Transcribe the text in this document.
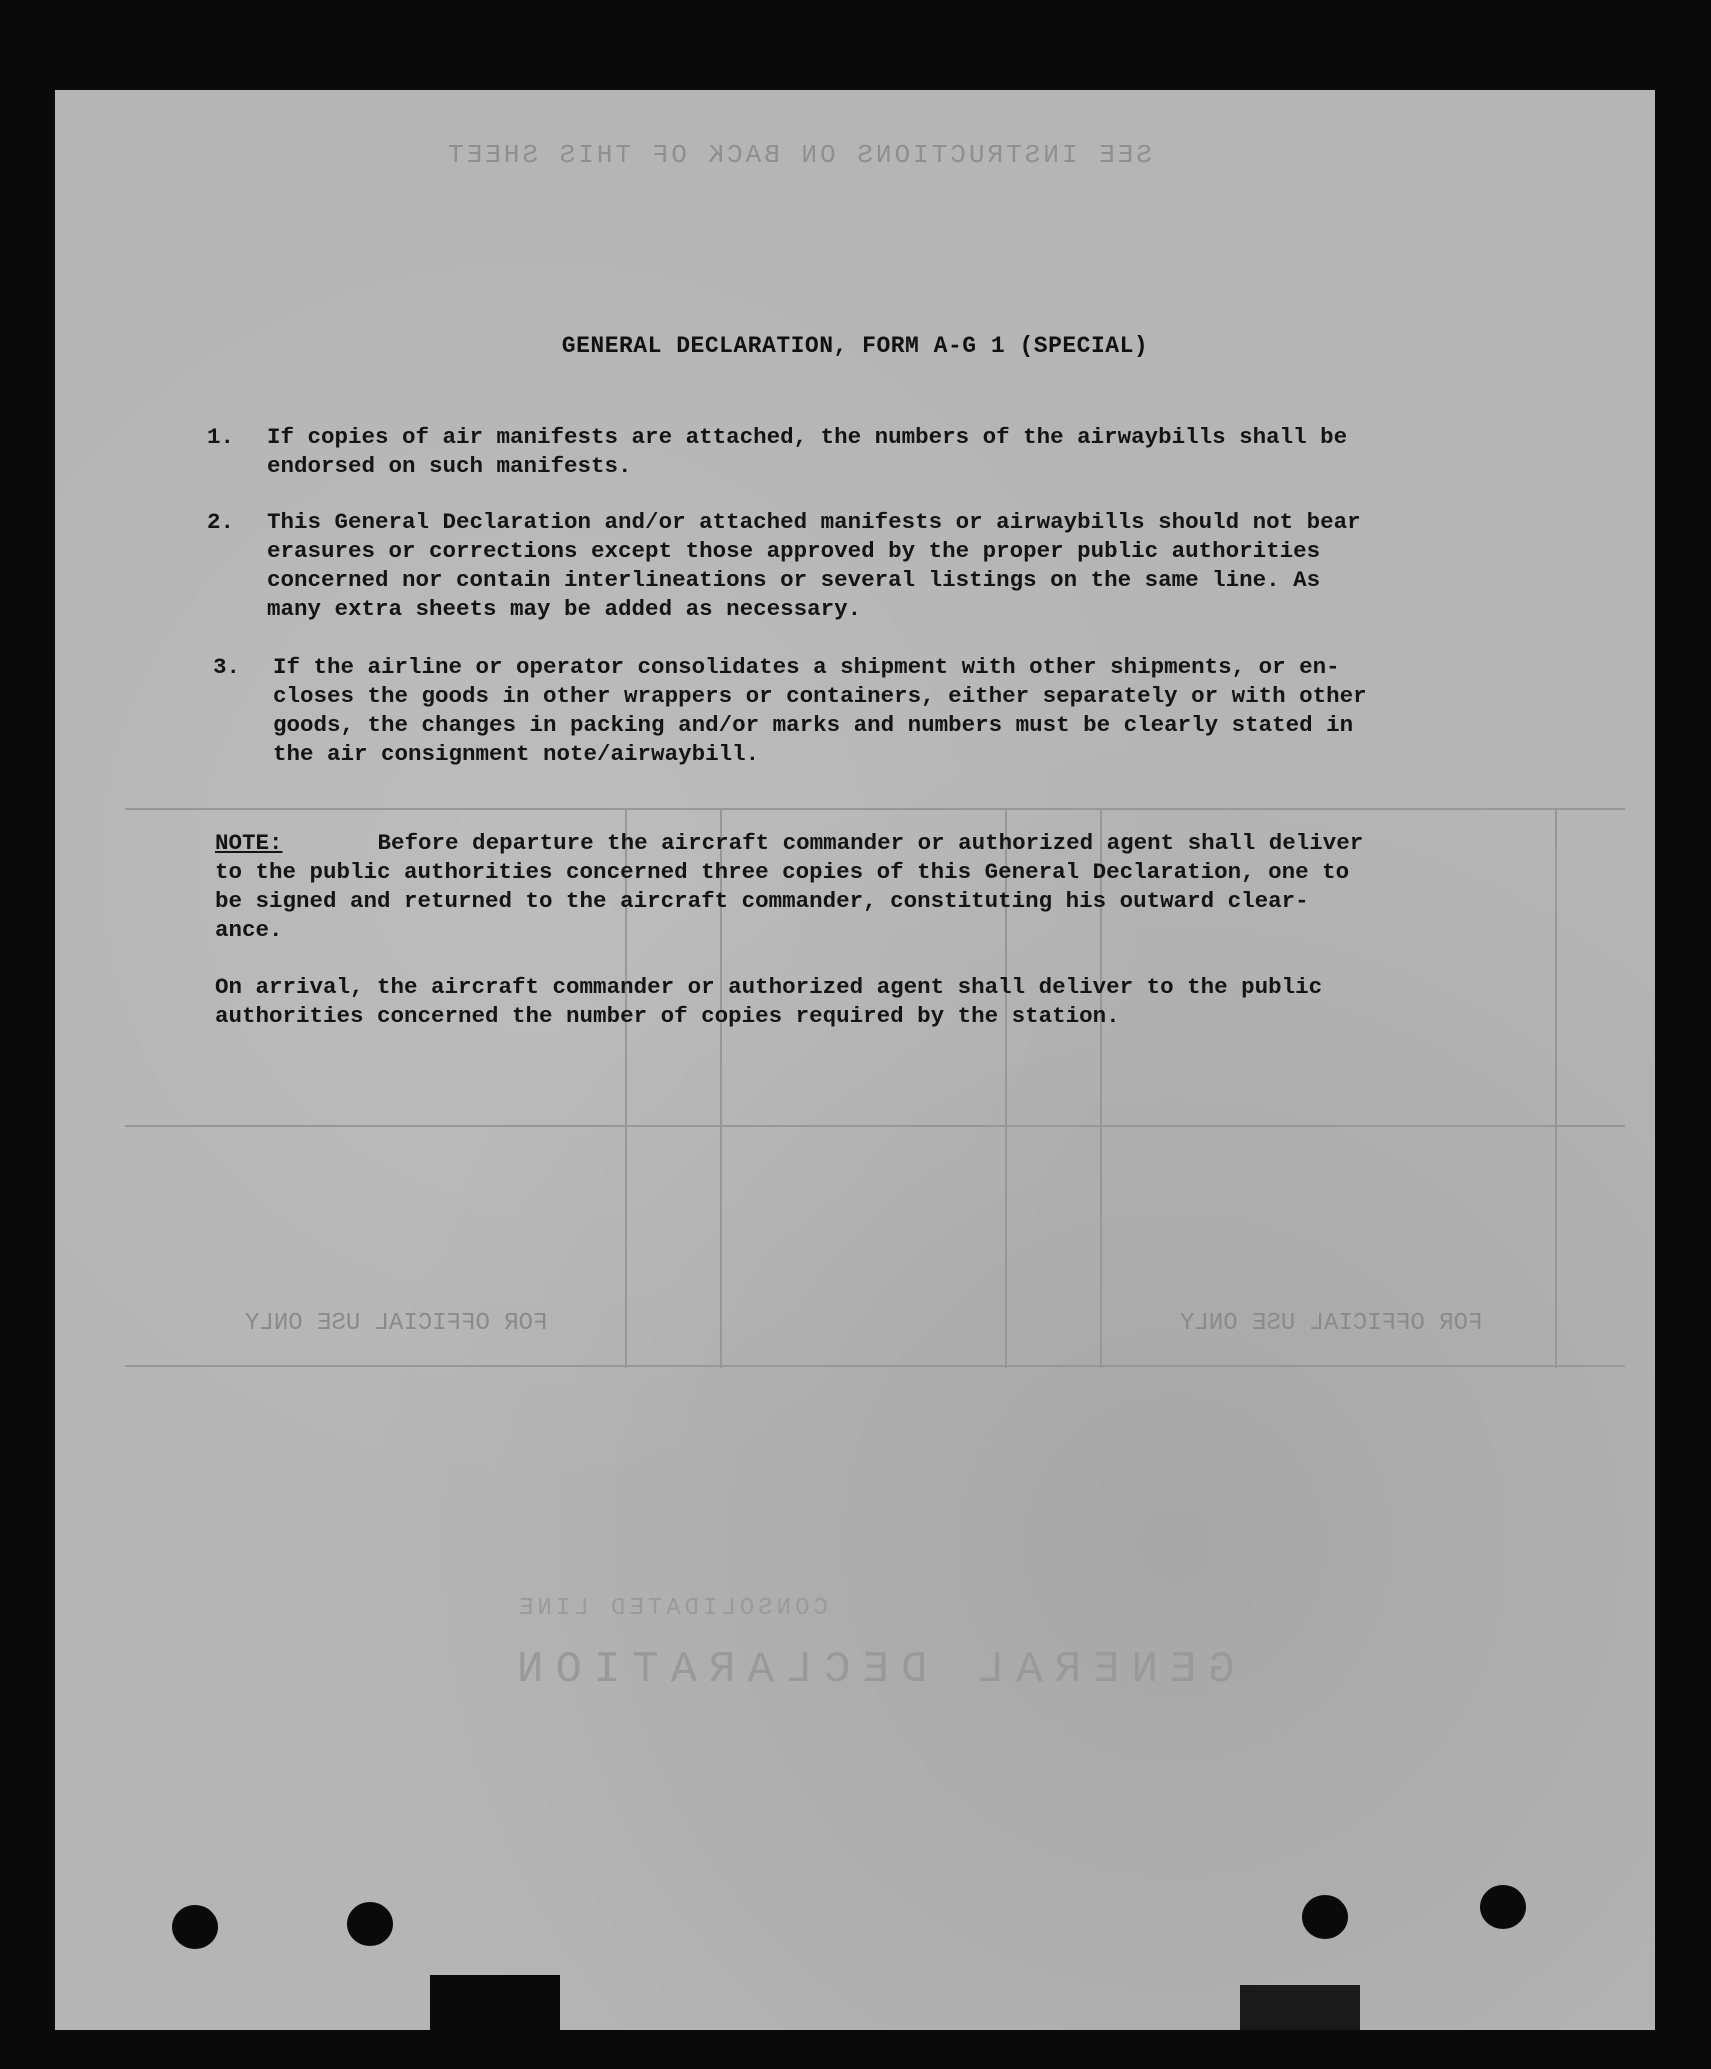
SEE INSTRUCTIONS ON BACK OF THIS SHEET
GENERAL DECLARATION
CONSOLIDATED LINE
FOR OFFICIAL USE ONLY	FOR OFFICIAL USE ONLY
GENERAL DECLARATION, FORM A-G 1 (SPECIAL)
1. If copies of air manifests are attached, the numbers of the airwaybills shall be
endorsed on such manifests.
2. This General Declaration and/or attached manifests or airwaybills should not bear
erasures or corrections except those approved by the proper public authorities
concerned nor contain interlineations or several listings on the same line. As
many extra sheets may be added as necessary.
3. If the airline or operator consolidates a shipment with other shipments, or en-
closes the goods in other wrappers or containers, either separately or with other
goods, the changes in packing and/or marks and numbers must be clearly stated in
the air consignment note/airwaybill.
NOTE:	Before departure the aircraft commander or authorized agent shall deliver
to the public authorities concerned three copies of this General Declaration, one to
be signed and returned to the aircraft commander, constituting his outward clear-
ance.
On arrival, the aircraft commander or authorized agent shall deliver to the public
authorities concerned the number of copies required by the station.
